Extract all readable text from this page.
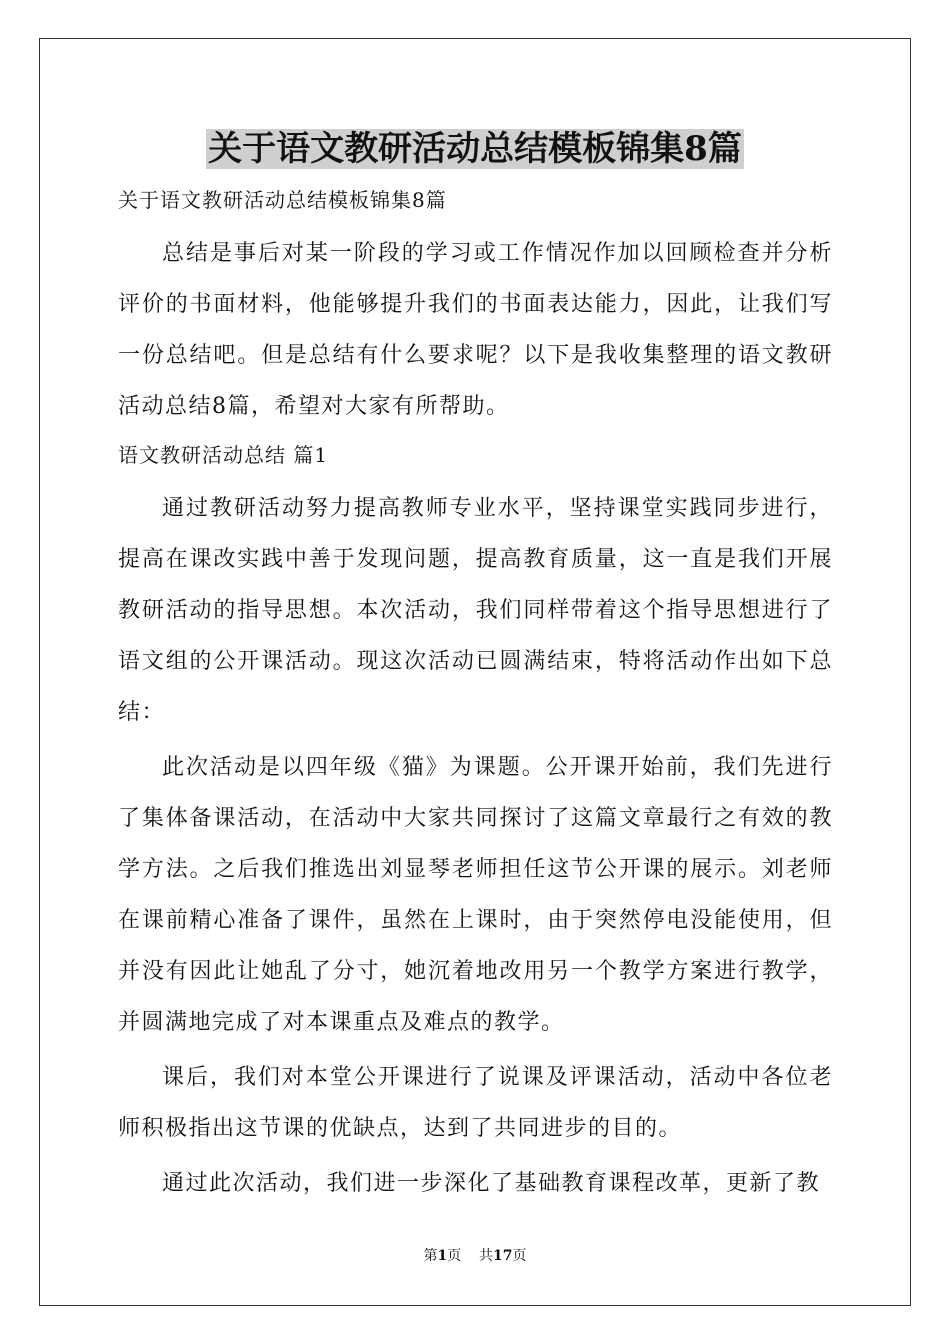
关于语文教研活动总结模板锦集8篇

关于语文教研活动总结模板锦集8篇

总结是事后对某一阶段的学习或工作情况作加以回顾检查并分析评价的书面材料，他能够提升我们的书面表达能力，因此，让我们写一份总结吧。但是总结有什么要求呢？以下是我收集整理的语文教研活动总结8篇，希望对大家有所帮助。

语文教研活动总结 篇1

通过教研活动努力提高教师专业水平，坚持课堂实践同步进行，提高在课改实践中善于发现问题，提高教育质量，这一直是我们开展教研活动的指导思想。本次活动，我们同样带着这个指导思想进行了语文组的公开课活动。现这次活动已圆满结束，特将活动作出如下总结：

此次活动是以四年级《猫》为课题。公开课开始前，我们先进行了集体备课活动，在活动中大家共同探讨了这篇文章最行之有效的教学方法。之后我们推选出刘显琴老师担任这节公开课的展示。刘老师在课前精心准备了课件，虽然在上课时，由于突然停电没能使用，但并没有因此让她乱了分寸，她沉着地改用另一个教学方案进行教学，并圆满地完成了对本课重点及难点的教学。

课后，我们对本堂公开课进行了说课及评课活动，活动中各位老师积极指出这节课的优缺点，达到了共同进步的目的。

通过此次活动，我们进一步深化了基础教育课程改革，更新了教

第1页    共17页
